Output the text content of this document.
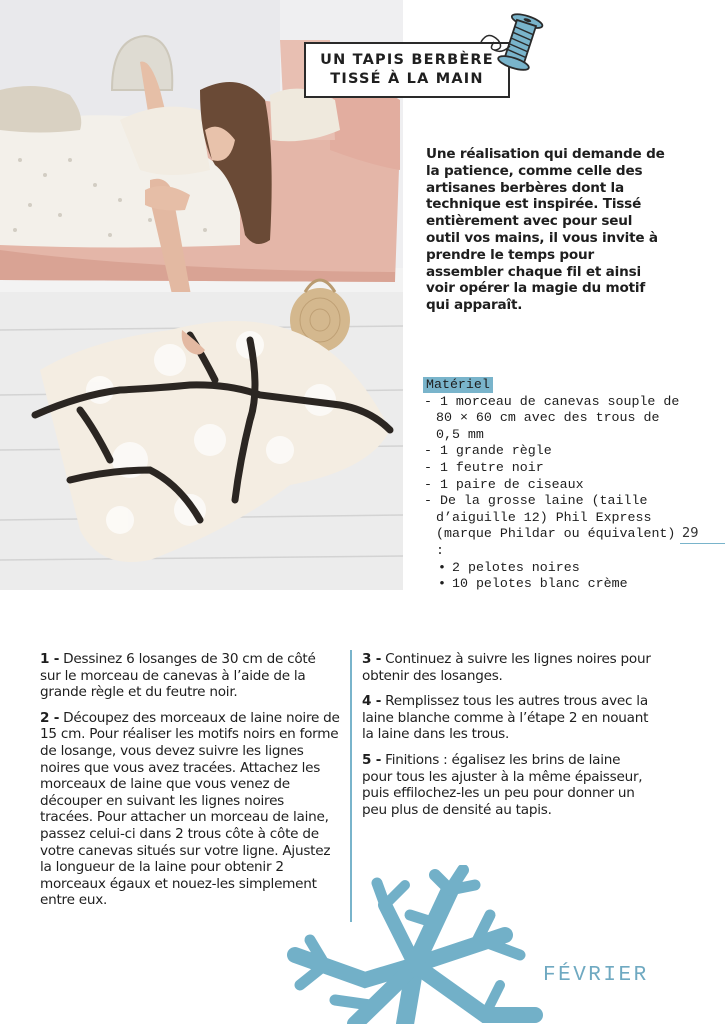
UN TAPIS BERBÈRE
TISSÉ À LA MAIN

Une réalisation qui demande de la patience, comme celle des artisanes berbères dont la technique est inspirée. Tissé entièrement avec pour seul outil vos mains, il vous invite à prendre le temps pour assembler chaque fil et ainsi voir opérer la magie du motif qui apparaît.

Matériel
- 1 morceau de canevas souple de 80 × 60 cm avec des trous de 0,5 mm
- 1 grande règle
- 1 feutre noir
- 1 paire de ciseaux
- De la grosse laine (taille d’aiguille 12) Phil Express (marque Phildar ou équivalent) :
• 2 pelotes noires
• 10 pelotes blanc crème
29

1 - Dessinez 6 losanges de 30 cm de côté sur le morceau de canevas à l’aide de la grande règle et du feutre noir.

2 - Découpez des morceaux de laine noire de 15 cm. Pour réaliser les motifs noirs en forme de losange, vous devez suivre les lignes noires que vous avez tracées. Attachez les morceaux de laine que vous venez de découper en suivant les lignes noires tracées. Pour attacher un morceau de laine, passez celui-ci dans 2 trous côte à côte de votre canevas situés sur votre ligne. Ajustez la longueur de la laine pour obtenir 2 morceaux égaux et nouez-les simplement entre eux.

3 - Continuez à suivre les lignes noires pour obtenir des losanges.

4 - Remplissez tous les autres trous avec la laine blanche comme à l’étape 2 en nouant la laine dans les trous.

5 - Finitions : égalisez les brins de laine pour tous les ajuster à la même épaisseur, puis effilochez-les un peu pour donner un peu plus de densité au tapis.

FÉVRIER
